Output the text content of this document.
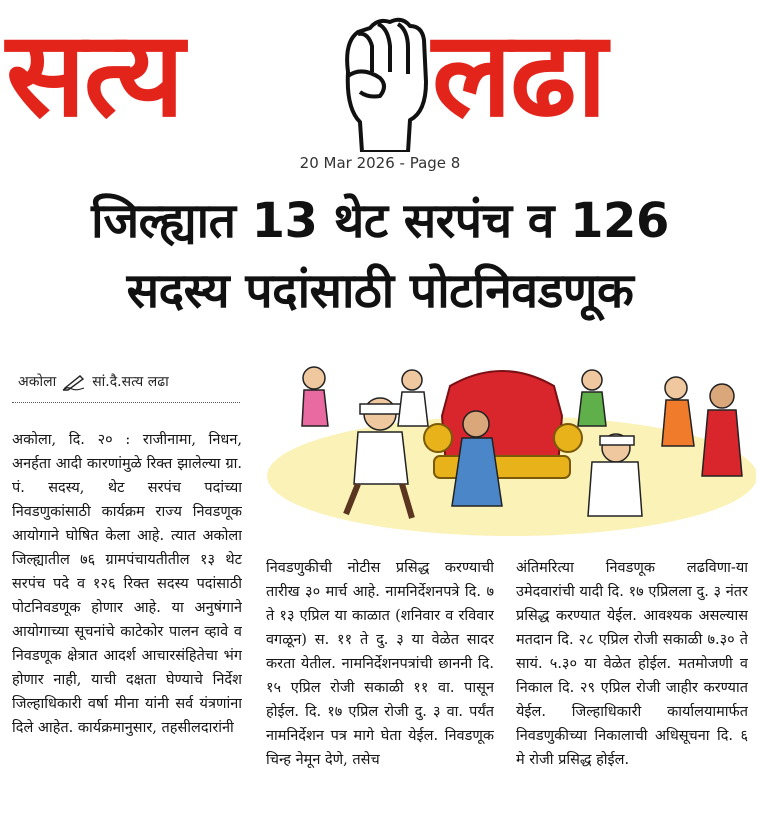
सत्य लढा
20 Mar 2026 - Page 8
जिल्ह्यात 13 थेट सरपंच व 126
सदस्य पदांसाठी पोटनिवडणूक
अकोला	सां.दै.सत्य लढा

अकोला, दि. २० : राजीनामा, निधन, अनर्हता आदी कारणांमुळे रिक्त झालेल्या ग्रा. पं. सदस्य, थेट सरपंच पदांच्या निवडणुकांसाठी कार्यक्रम राज्य निवडणूक आयोगाने घोषित केला आहे. त्यात अकोला जिल्ह्यातील ७६ ग्रामपंचायतीतील १३ थेट सरपंच पदे व १२६ रिक्त सदस्य पदांसाठी पोटनिवडणूक होणार आहे. या अनुषंगाने आयोगाच्या सूचनांचे काटेकोर पालन व्हावे व निवडणूक क्षेत्रात आदर्श आचारसंहितेचा भंग होणार नाही, याची दक्षता घेण्याचे निर्देश जिल्हाधिकारी वर्षा मीना यांनी सर्व यंत्रणांना दिले आहेत. कार्यक्रमानुसार, तहसीलदारांनी

निवडणुकीची नोटीस प्रसिद्ध करण्याची तारीख ३० मार्च आहे. नामनिर्देशनपत्रे दि. ७ ते १३ एप्रिल या काळात (शनिवार व रविवार वगळून) स. ११ ते दु. ३ या वेळेत सादर करता येतील. नामनिर्देशनपत्रांची छाननी दि. १५ एप्रिल रोजी सकाळी ११ वा. पासून होईल. दि. १७ एप्रिल रोजी दु. ३ वा. पर्यंत नामनिर्देशन पत्र मागे घेता येईल. निवडणूक चिन्ह नेमून देणे, तसेच

अंतिमरित्या निवडणूक लढविणा-या उमेदवारांची यादी दि. १७ एप्रिलला दु. ३ नंतर प्रसिद्ध करण्यात येईल. आवश्यक असल्यास मतदान दि. २८ एप्रिल रोजी सकाळी ७.३० ते सायं. ५.३० या वेळेत होईल. मतमोजणी व निकाल दि. २९ एप्रिल रोजी जाहीर करण्यात येईल. जिल्हाधिकारी कार्यालयामार्फत निवडणुकीच्या निकालाची अधिसूचना दि. ६ मे रोजी प्रसिद्ध होईल.
